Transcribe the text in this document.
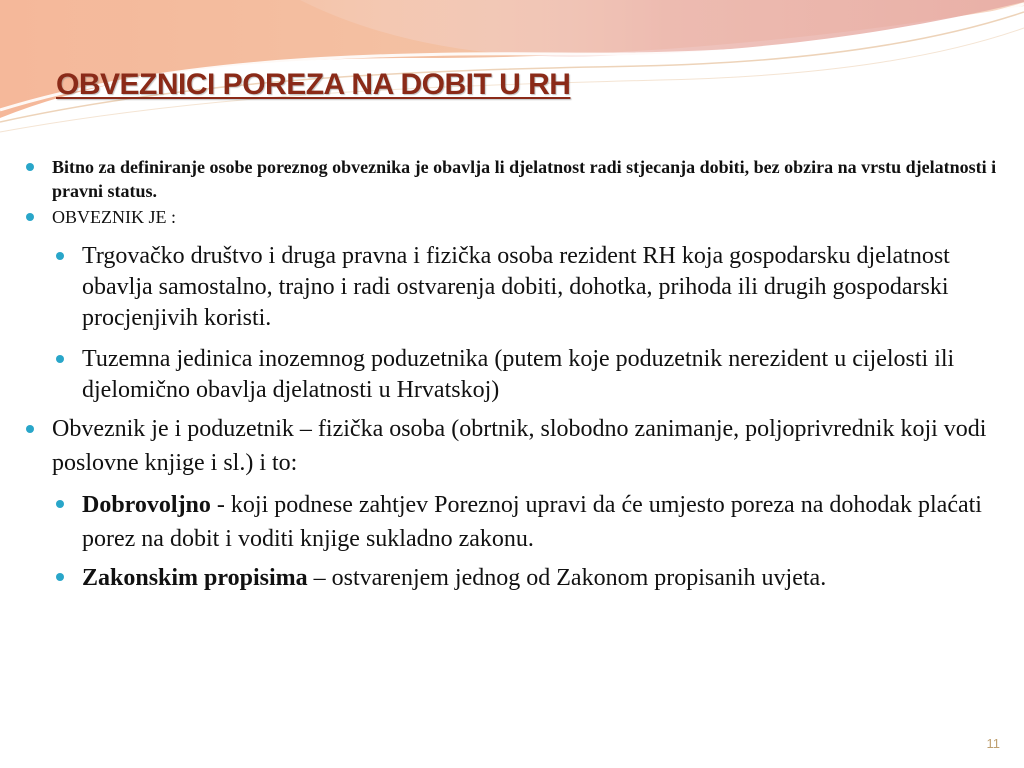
OBVEZNICI POREZA NA DOBIT U RH
Bitno za definiranje osobe poreznog obveznika je obavlja li djelatnost radi stjecanja dobiti, bez obzira na vrstu djelatnosti i pravni status.
OBVEZNIK JE :
Trgovačko društvo i druga pravna i fizička osoba rezident RH koja gospodarsku djelatnost obavlja samostalno, trajno i radi ostvarenja dobiti, dohotka, prihoda ili drugih gospodarski procjenjivih koristi.
Tuzemna jedinica inozemnog poduzetnika (putem koje poduzetnik nerezident u cijelosti ili djelomično obavlja djelatnosti u Hrvatskoj)
Obveznik je i poduzetnik – fizička osoba (obrtnik, slobodno zanimanje, poljoprivrednik koji vodi poslovne knjige i sl.) i to:
Dobrovoljno - koji podnese zahtjev Poreznoj upravi da će umjesto poreza na dohodak plaćati porez na dobit i voditi knjige sukladno zakonu.
Zakonskim propisima – ostvarenjem jednog od Zakonom propisanih uvjeta.
11
